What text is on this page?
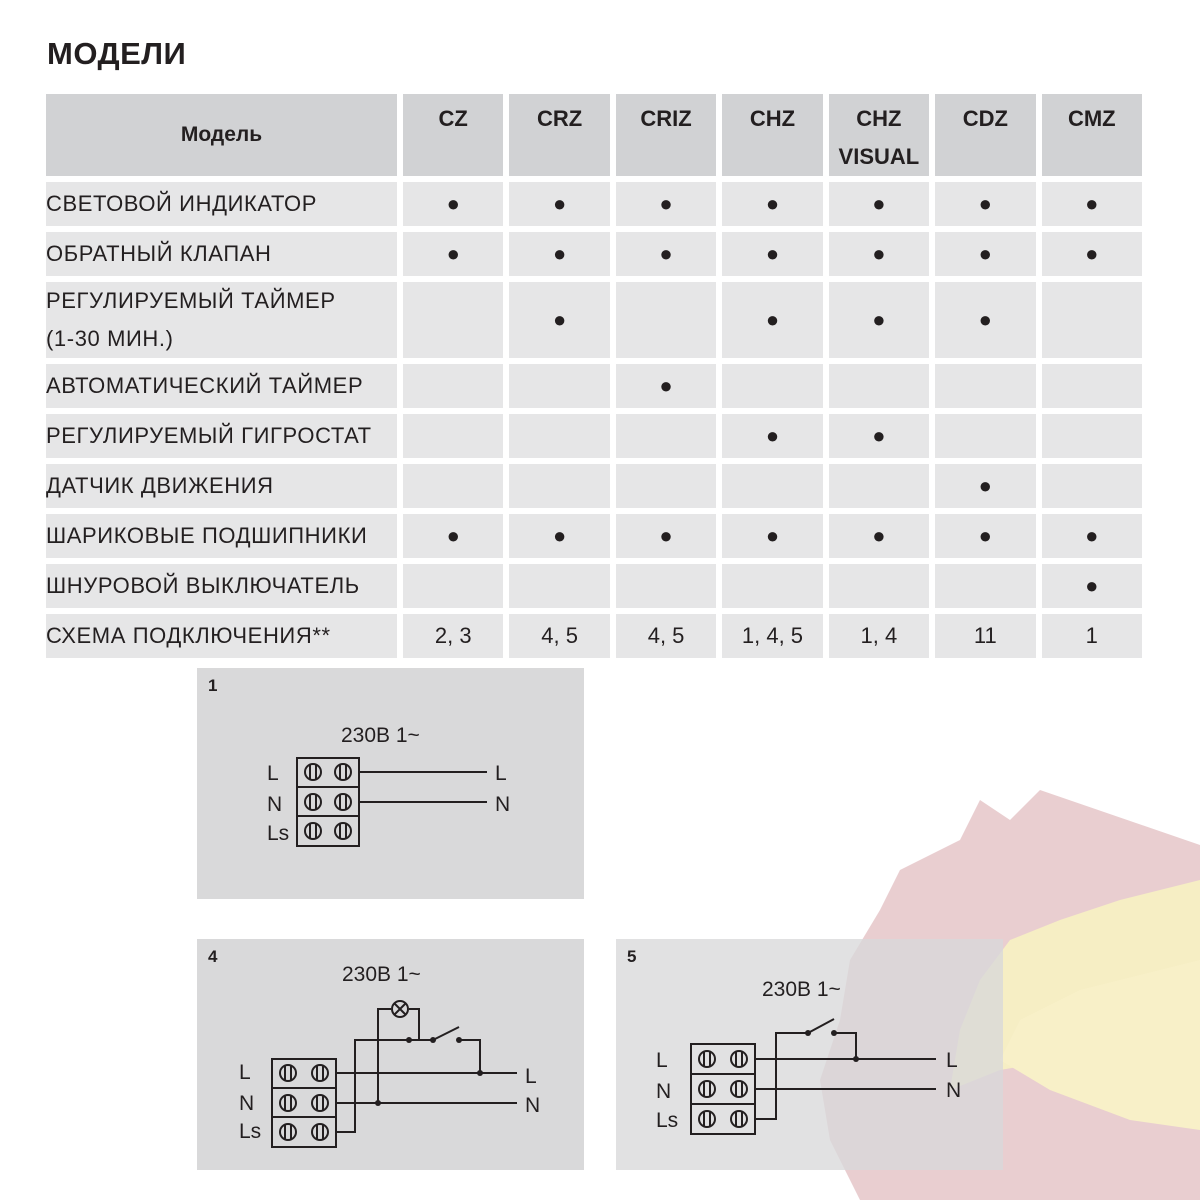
МОДЕЛИ
Модель	CZ	CRZ	CRIZ	CHZ	CHZ VISUAL	CDZ	CMZ
СВЕТОВОЙ ИНДИКАТОР	●	●	●	●	●	●	●
ОБРАТНЫЙ КЛАПАН	●	●	●	●	●	●	●
РЕГУЛИРУЕМЫЙ ТАЙМЕР (1-30 МИН.)		●		●	●	●	
АВТОМАТИЧЕСКИЙ ТАЙМЕР			●				
РЕГУЛИРУЕМЫЙ ГИГРОСТАТ				●	●		
ДАТЧИК ДВИЖЕНИЯ						●	
ШАРИКОВЫЕ ПОДШИПНИКИ	●	●	●	●	●	●	●
ШНУРОВОЙ ВЫКЛЮЧАТЕЛЬ							●
СХЕМА ПОДКЛЮЧЕНИЯ**	2, 3	4, 5	4, 5	1, 4, 5	1, 4	11	1
1
230В 1~
L
N
Ls
L
N
4
230В 1~
L
N
Ls
L
N
5
230В 1~
L
N
Ls
L
N
